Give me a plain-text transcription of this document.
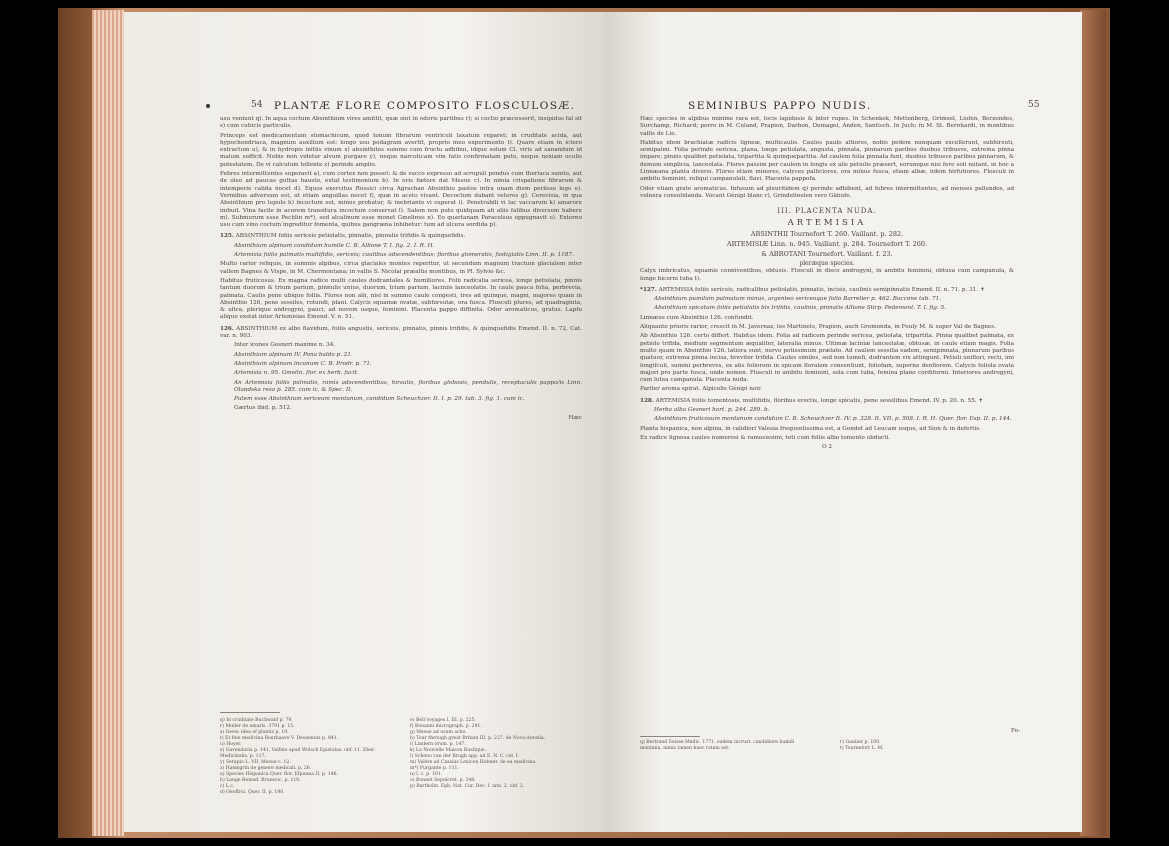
54 PLANTÆ FLORE COMPOSITO FLOSCULOSÆ.

usu veniunt q). In aqua coctum Absinthium vires amittit, quæ sint in odoris partibus r); si coctio præcesserit, insipidus fal sit s) cum cubicis particulis.

Princeps est medicamentum stomachicum, quod tonum fibrarum ventriculi laxatum reparet; in cruditate acida, aut hypochondriaca, magnum auxilium est: longo usu podagram avertit, proprio meo experimento t). Quare etiam in ictero extractum u), & in hydropis initiis vinum x) absinthites summo cum fructu adhibui, idque solum Cl. viris ad sanandum id malum sufficit. Nobis non videtur alvum purgare y), neque narcoticam vim fatis confirmatam puto, neque noxiam oculis potestatem. De vi calculum tollente z) perinde amplio.

Febres intermittentes superavit a), cum cortex non posset: & de succo expresso ad scrupuli pondus cum theriaca sumto, aut de oleo ad paucas guttas hausto, extat testimonium b). In oris fœtore dat Mesue c). In nimia crispatione fibrarum & intemperie calida nocet d). Equos exercitus Russici circa Agrachan Absinthio pastos intra unam diem periisse lego e). Vermibus adversum est, ut etiam anguillas necet f), quæ in aceto vivant. Decoctum dabant veteres g). Cerevisia, in qua Absinthium pro lupulo h) incoctum est, minus probatur, & inebriante vi superat i). Penetrabili vi lac vaccarum k) amarore imbuit. Vina facile in acorem transitura incoctum conservat l). Salem non puto quidquam ab aliis falibus diversum habere m). Submurum esse Pechlin m*), sed alcalinum esse monet Gmelinus n). Eo quartanam Paracelsus oppugnavit o). Externo usu cum vino coctum ingreditur fomenta, quibus gangræna inhibetur: tum ad ulcera sordida p).

125. ABSINTHIUM foliis sericeis petiolatis, pinnatis, pinnulis trifidis & quinquefidis.

Absinthium alpinum candidum humile C. B. Allione T. I. fig. 2. I. R. H.

Artemisia foliis palmatis multifidis, sericeis; caulibus adscendentibus; floribus glomeratis, fastigiatis Linn. II. p. 1187.

Multo rarior reliquis, in summis alpibus, circa glaciales montes reperitur, ut secundum magnum tractum glacialem inter vallem Bagnes & Vispe, in M. Chermontana; in vallis S. Nicolai præaltis montibus, in Pl. Sylvio &c.

Habitus fruticosus. Ex magna radice multi caules dodrantales & humiliores. Folii radicalia sericea, longe petiolata, pinnis tantum duorum & trium parium, pinnulis unius, duorum, trium parium, laciniis lanceolatis. In caule pauca folia, perbrevia, palmata. Caulis pene ubique foliis. Flores non alii, nisi in summo caule congesti, tres ad quinque, magni, majores quam in Absinthio 126, pene sessiles, rotundi, plani. Calycis squamæ ovatæ, subhirsutæ, ora fusca. Flosculi plures, ad quadraginta, & ultra, plerique androgyni, pauci, ad novem usque, feminini. Placenta pappo diffinita. Odor aromaticus, gratus. Lapfu aliquo exstat inter Artemisias Emend. V. n. 51.

126. ABSINTHIUM ex albo flavidum, foliis angustis, sericeis, pinnatis, pinnis trifidis, & quinquefidis Emend. II. n. 72. Cat. var. n. 903.

Inter icones Gesneri maxime n. 34.

Absinthium alpinum IV. Pona baldo p. 21.

Absinthium alpinum incanum C. B. Prodr. p. 71.

Artemisia n. 95. Gmelin. flor. ex herb. facit.

An Artemisia foliis palmatis, ramis adscendentibus, hirsutis, floribus globosis, pendulis, receptaculis pappo/is Linn. Olandska resa p. 285. cum ic. & Spec. II.

Putem esse Absinthium sericeum montanum, candidum Scheuchzer. It. I. p. 29. tab. 3. fig. 1. cum ic.

Gærtus ibid. p. 512.

Hæc

q) In cruditate Buchwald p. 79.
r) Muller de amaris. 3791 p. 15.
s) Geew. idea ef plantis p. 19.
t) Et fine medicina Boerhaave V. Deusenius p. 841.
u) Hoyer.
x) Gavendaria p. 141. Vallino apud Wolsch Epistolas. obf. 11. Eber. Medicinalis. p. 117.
y) Serapio L. VII. Mesue c. 12.
z) Haemgrin de genere medicali. p. 26.
a) Species Hispanica Quer. flor. Efpanna II. p. 146.
b) Lange Remed. Brunsvic. p. 110.
c) L.c.
d) Geoffroi. Quer. II. p. 190.
e) Bell voyages I. III. p. 225.
f) Bonanni micrograph. p. 291.
g) Mesue ad usum ocho.
h) Tour through great Britain III. p. 227. de Nova-Anvelia.
i) Lindern orum. p. 147.
k) La Nouvelle Maison Rustique.
l) Scheno van der Brugh app. ad E. N. C. cel. I.
m) Valère ad Cassius Lexicon Hubner. de ea medicina.
m*) Purgante p. 111.
n) l. c. p. 101.
o) Bonnet Sepulcret. p. 348.
p) Bartholin. Epb. Nat. Cur. Dec. I. ann. 2. obf. 2.
SEMINIBUS PAPPO NUDIS.	55

Hæc species in alpibus minime rara est, locis lapidosis & inter rupes. In Schenkek, Mettenberg, Grimsel, Liofen, Berzendes, Surchamp, Richard; porro in M. Culand, Prapion, Darbon, Dumagel, Anden, Santisch. In Juch; in M. St. Bernhardi, in montibus vallis de Lie.

Habitus idem brachiatæ radicis ligneæ, multicaulis. Caules paulo altiores, nobis pedem nunquam excellerunt, subhirsuti, semipalmi. Folia perinde sericea, plana, longe petiolata, angusta, pinnata, pinnarum paribus duobus tribusve, extrema pinna impare; pinnis qualibet petiolata, tripartita & quinquepartita. Ad caulem folia pinnata funt, duobus tribusve paribus pinnarum, & demum simplicia, lanceolata. Flores passim per caulem in longis ex alis petiolis præsert, eorumque nisi fere soli nutant, in hoc a Linnæana planta diversi. Flores etiam minores, calyces palliciores, ora minus fusca, etiam albæ, iidem hirfutiores. Flosculi in ambitu feminini, reliqui campanulati, flavi. Placenta pappofa.

Odor etiam grate aromaticus. Infusum ad pleuritidem q) perinde adhibent, ad febres intermittentes, ad menses pellendos, ad vulnera consolidanda. Vocant Génipi blanc r), Grindelinelen vero Gäbufe.

III. PLACENTA NUDA.
ARTEMISIA
ABSINTHII Tournefort T. 260. Vaillant. p. 282.
ARTEMISIÆ Linn. n. 945. Vaillant. p. 284. Tournefort T. 260.
& ABROTANI Tournefort. Vaillant. f. 23.
pleræque species.

Calyx imbricatus, squamis conniventibus, obtusis. Flosculi in disco androgyni, in ambitu feminini, obtusa cum campanula, & longe bicorni tuba t).

*127. ARTEMISIA foliis sericeis, radicalibus petiolatis, pinnatis, incisis, caulinis semipinnatis Emend. II. n. 71. p. 31. ✝

Absinthium pumilum palmatum minus, argenteo sericeoque folio Barrelier p. 462. Boccone tab. 71.

Absinthium spicatum foliis petiolatis bis trifidis, caulinis, pinnatis Allione Stirp. Pedemont. T. I. fig. 5.

Linnæus cum Absinthio 126. confundit.

Aliquanto prioris rarior, crescit in M. Javernaz, les Martinets, Prapion, auch Gromonda, in Fouly M. & super Val de Bagnes.

Ab Absinthio 126. certo differt. Habitus idem. Folia ad radicem perinde sericea, petiolata, tripartita. Pinna qualibet palmata, ex petiolo trifida, medium segmentum æqualiter, lateralia minus. Ultimæ laciniæ lanceolatæ, obtusæ, in caule etiam magis. Folia multo quam in Absinthio 126. latiora sunt, nervo potissimum prælato. Ad caulem sessilia eadem, semipinnata, pinnarum paribus quatuor, extrema pinna incisa, breviter trifida. Caules similes, sed non tumefi, dodrantem vix attingunt. Petioli uniflori, recti, imi longifculi, summi perbreves, ex alis foliorum in spicam floralem consentiunt, foliofam, superne denfiorem. Calycis foliola ovata majori pro parte fusca, unde nomen. Flosculi in ambitu feminini, sola cum tuba, femina plano cordiformi. Interiores androgyni, cum lutea campanula. Placenta nuda.

Pariter aroma spirat. Alpicolis Génipi noir.

128. ARTEMISIA foliis tomentosis, multifidis, floribus erectis, longe spicatis, pene sessilibus Emend. IV. p. 20. n. 55. ✝

Herba alba Gesneri hort. p. 244. 289. b.

Absinthium fruticosum montanum candidum C. B. Scheuchzer It. IV. p. 328. It. VII. p. 508. I. R. H. Quer. flor. Esp. II. p. 144.

Planta hispanica, non alpina, in calidiori Valesia frequentissima est, a Gondet ad Leucam usque, ad Sion & in defertis.

Ex radice lignosa caules numerosi & ramosissimi, toti cum foliis albo tomento obducti.

O 2

Fo-
q) Bertrand Suisse Medic. 1771. eadem incrust. candidiore humili montana, nimis tamen haec ratam est.
r) Gautier p. 100.
t) Tournefort L. M.
